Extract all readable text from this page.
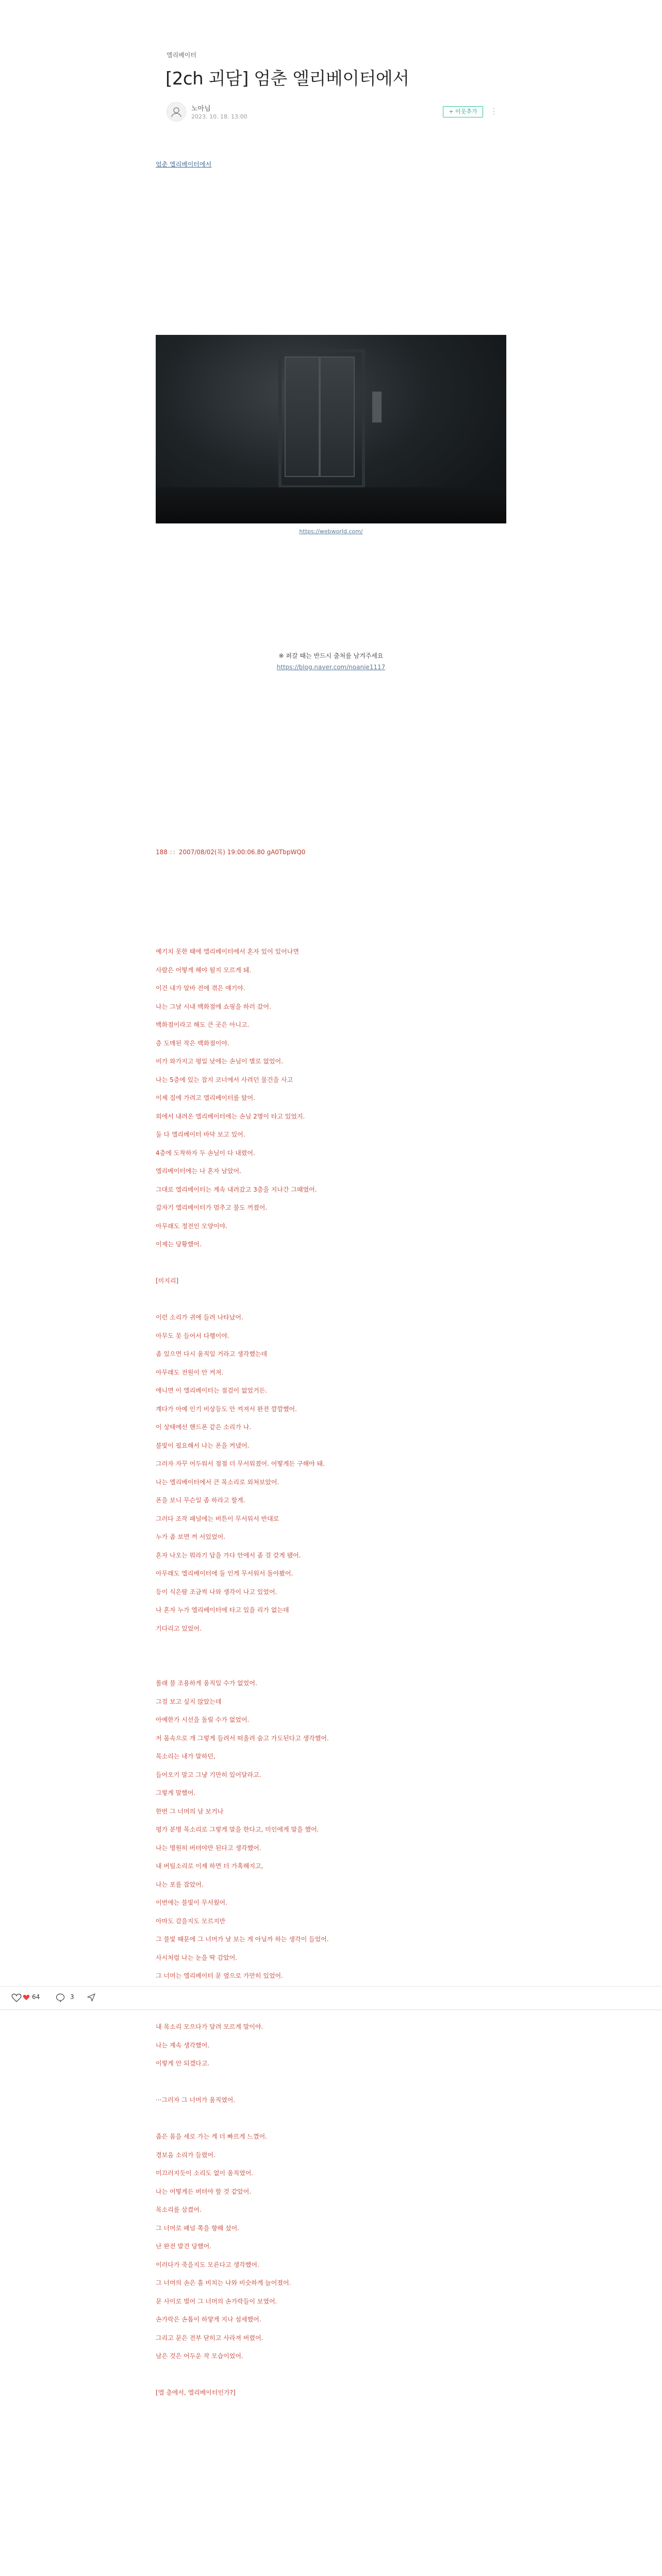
엘리베이터
[2ch 괴담] 엄춘 엘리베이터에서
노아님
2023. 10. 18. 13:00
+ 이웃추가	⋮
엄춘 엘리베이터에서
https://webworld.com/
※ 퍼갈 때는 반드시 출처를 남겨주세요
https://blog.naver.com/noanie1117
188 ：：2007/08/02(목) 19:00:06.80 gA0TbpWQ0
예기치 못한 때에 엘리베이터에서 혼자 있어 있어나면
사람은 어떻게 해야 될지 모르게 돼.
이건 내가 알바 전에 겪은 얘기야.
나는 그날 시내 백화점에 쇼핑을 하러 갔어.
백화점이라고 해도 큰 곳은 아니고.
층 도매된 작은 백화점이야.
비가 와가지고 평일 낮에는 손님이 별로 없었어.
나는 5층에 있는 잡지 코너에서 사려던 물건을 사고
이제 집에 가려고 엘리베이터를 탔어.
외에서 내려온 엘리베이터에는 손님 2명이 타고 있었지.
둘 다 엘리베이터 바닥 보고 있어.
4층에 도착하자 두 손님이 다 내렸어.
엘리베이터에는 나 혼자 남았어.
그대로 엘리베이터는 계속 내려갔고 3층을 지나간 그때였어.
갑자기 엘리베이터가 멈추고 불도 꺼졌어.
아무래도 정전인 모양이야.
이제는 당황했어.
[미지리]
이런 소리가 귀에 들려 나타났어.
아무도 못 들어서 다행이야.
좀 있으면 다시 움직일 거라고 생각했는데
아무래도 전원이 안 켜져.
애니면 이 엘리베이터는 점검이 없었거든.
계다가 아예 인기 비상등도 안 켜져서 완전 깜깜했어.
이 상태에선 핸드폰 같은 소리가 나.
불빛이 필요해서 나는 폰을 켜냈어.
그러자 자꾸 어두워서 점점 더 무서워졌어. 어떻게든 구해야 돼.
나는 엘리베이터에서 큰 목소리로 외쳐보았어.
폰을 보니 무슨일 좀 하라고 할게.
그러다 조작 패널에는 버튼이 무서워서 반대로
누가 좀 보면 꺼 서있었어.
혼자 나오는 뭐라기 답을 가다 안에서 좀 걸 갖게 됐어.
아무래도 엘리베이터에 둘 인게 무서워서 돌아봤어.
등이 식은땀 조금씩 나와 생각이 나고 있었어.
나 혼자 누가 엘리베이터에 타고 있을 리가 없는데
기다리고 있었어.
몰래 불 조용하게 움직일 수가 없었어.
그걸 보고 싶지 않았는데
아예한가 시선을 돌릴 수가 없었어.
저 몸속으로 개 그렇게 들려서 떠올려 숨고 가도된다고 생각했어.
목소리는 내가 말하던,
들어오기 말고 그냥 기만히 있어달라고.
그렇게 말했어.
한번 그 너머의 남 보거나
평가 분명 목소리로 그렇게 말을 한다고, 미인에게 말을 했어.
나는 명원히 버텨야만 된다고 생각했어.
내 버팀소리로 이제 하면 더 가혹해지고,
나는 포를 잡았어.
이번에는 불빛이 무서웠어.
아마도 감을지도 모르지만
그 불빛 때문에 그 너머가 날 보는 게 아닐까 하는 생각이 들었어.
사시처럼 나는 눈을 딱 감았어.
그 너머는 엘리베이터 문 옆으로 가만히 있었어.
내 목소리 모으다가 달려 모르게 말이야.
나는 계속 생각했어.
이렇게 안 되겠다고.
···그러자 그 너머가 움직였어.
좁은 몸을 세로 가는 게 더 빠르게 느꼈어.
경보음 소리가 들렸어.
미끄러지듯이 소리도 없이 움직였어.
나는 어떻게든 버텨야 할 것 같았어.
목소리를 삼켰어.
그 너머로 패널 쪽을 향해 섰어.
난 완전 발견 당했어.
이러다가 죽을지도 모른다고 생각했어.
그 너머의 손은 흘 비치는 나와 비슷하게 늘어졌어.
문 사이로 벌어 그 너머의 손가락들이 보였어.
손가락은 손톱이 하얗게 지나 섬세했어.
그리고 문은 전부 닫히고 사라져 버렸어.
남은 것은 어두운 작 모습이었어.
[엘 층에서, 엘리베이터인가?]
64	3
